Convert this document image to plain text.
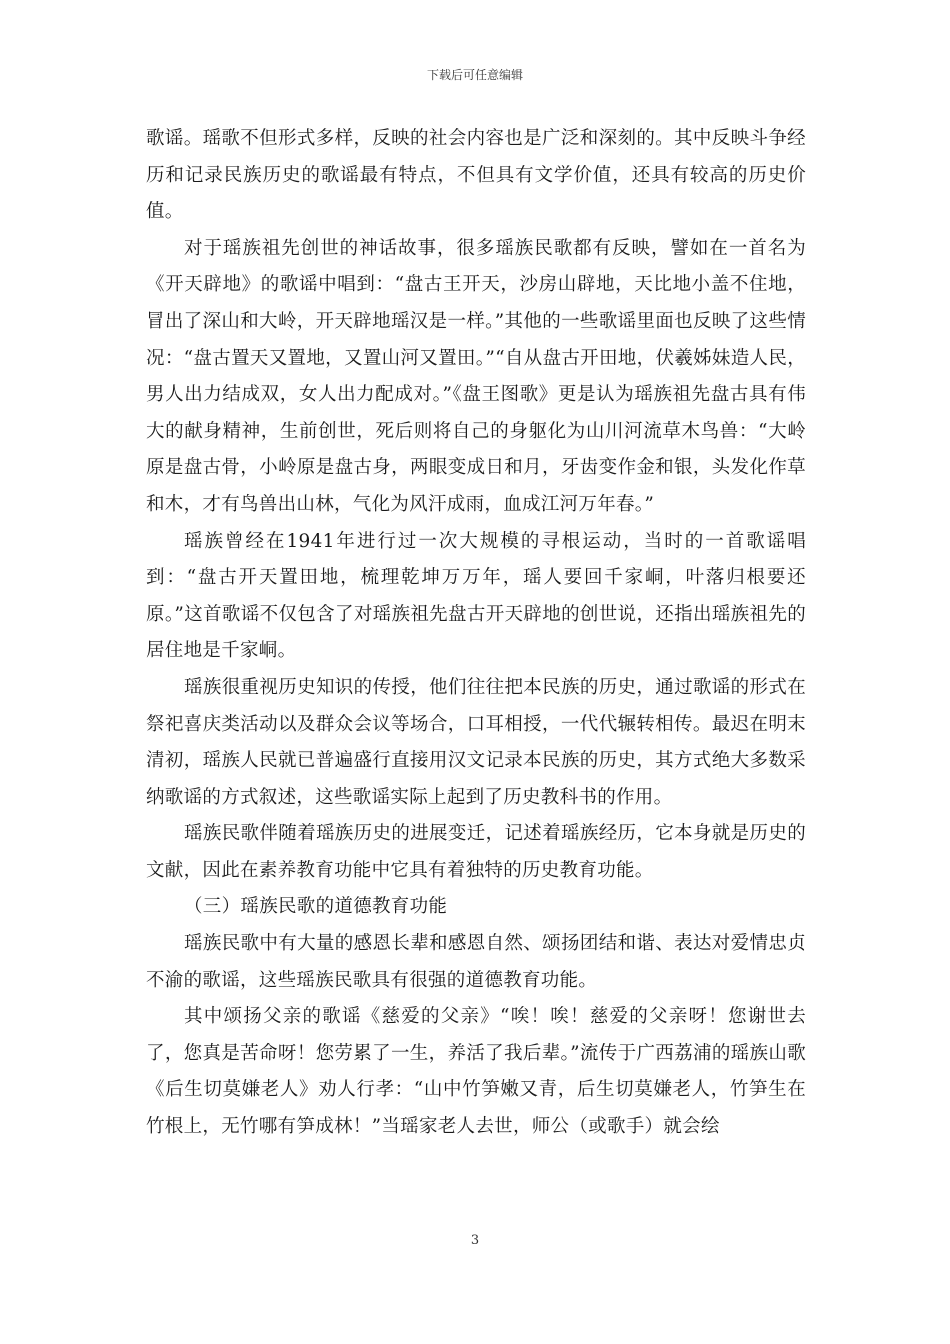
下载后可任意编辑

歌谣。瑶歌不但形式多样，反映的社会内容也是广泛和深刻的。其中反映斗争经历和记录民族历史的歌谣最有特点，不但具有文学价值，还具有较高的历史价值。

对于瑶族祖先创世的神话故事，很多瑶族民歌都有反映，譬如在一首名为《开天辟地》的歌谣中唱到：“盘古王开天，沙房山辟地，天比地小盖不住地，冒出了深山和大岭，开天辟地瑶汉是一样。”其他的一些歌谣里面也反映了这些情况：“盘古置天又置地，又置山河又置田。”“自从盘古开田地，伏羲姊妹造人民，男人出力结成双，女人出力配成对。”《盘王图歌》更是认为瑶族祖先盘古具有伟大的献身精神，生前创世，死后则将自己的身躯化为山川河流草木鸟兽：“大岭原是盘古骨，小岭原是盘古身，两眼变成日和月，牙齿变作金和银，头发化作草和木，才有鸟兽出山林，气化为风汗成雨，血成江河万年春。”

瑶族曾经在1941年进行过一次大规模的寻根运动，当时的一首歌谣唱到：“盘古开天置田地，梳理乾坤万万年，瑶人要回千家峒，叶落归根要还原。”这首歌谣不仅包含了对瑶族祖先盘古开天辟地的创世说，还指出瑶族祖先的居住地是千家峒。

瑶族很重视历史知识的传授，他们往往把本民族的历史，通过歌谣的形式在祭祀喜庆类活动以及群众会议等场合，口耳相授，一代代辗转相传。最迟在明末清初，瑶族人民就已普遍盛行直接用汉文记录本民族的历史，其方式绝大多数采纳歌谣的方式叙述，这些歌谣实际上起到了历史教科书的作用。

瑶族民歌伴随着瑶族历史的进展变迁，记述着瑶族经历，它本身就是历史的文献，因此在素养教育功能中它具有着独特的历史教育功能。

（三）瑶族民歌的道德教育功能

瑶族民歌中有大量的感恩长辈和感恩自然、颂扬团结和谐、表达对爱情忠贞不渝的歌谣，这些瑶族民歌具有很强的道德教育功能。

其中颂扬父亲的歌谣《慈爱的父亲》“唉！唉！慈爱的父亲呀！您谢世去了，您真是苦命呀！您劳累了一生，养活了我后辈。”流传于广西荔浦的瑶族山歌《后生切莫嫌老人》劝人行孝：“山中竹笋嫩又青，后生切莫嫌老人，竹笋生在竹根上，无竹哪有笋成林！”当瑶家老人去世，师公（或歌手）就会绘

3
